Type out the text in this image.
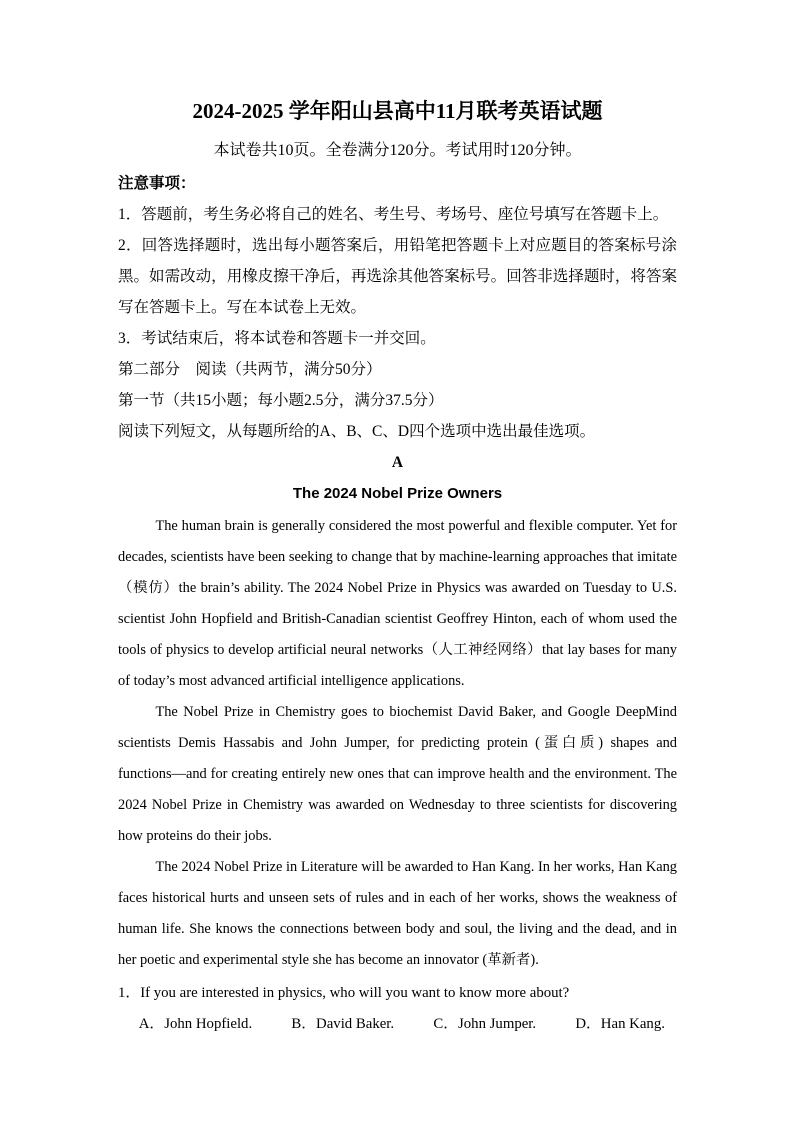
2024-2025 学年阳山县高中11月联考英语试题

本试卷共10页。全卷满分120分。考试用时120分钟。

注意事项：

1．答题前，考生务必将自己的姓名、考生号、考场号、座位号填写在答题卡上。

2．回答选择题时，选出每小题答案后，用铅笔把答题卡上对应题目的答案标号涂黑。如需改动，用橡皮擦干净后，再选涂其他答案标号。回答非选择题时，将答案写在答题卡上。写在本试卷上无效。

3．考试结束后，将本试卷和答题卡一并交回。

第二部分　阅读（共两节，满分50分）

第一节（共15小题；每小题2.5分，满分37.5分）

阅读下列短文，从每题所给的A、B、C、D四个选项中选出最佳选项。

A

The 2024 Nobel Prize Owners

The human brain is generally considered the most powerful and flexible computer. Yet for decades, scientists have been seeking to change that by machine-learning approaches that imitate（模仿）the brain’s ability. The 2024 Nobel Prize in Physics was awarded on Tuesday to U.S. scientist John Hopfield and British-Canadian scientist Geoffrey Hinton, each of whom used the tools of physics to develop artificial neural networks（人工神经网络）that lay bases for many of today’s most advanced artificial intelligence applications.

The Nobel Prize in Chemistry goes to biochemist David Baker, and Google DeepMind scientists Demis Hassabis and John Jumper, for predicting protein (蛋白质) shapes and functions—and for creating entirely new ones that can improve health and the environment. The 2024 Nobel Prize in Chemistry was awarded on Wednesday to three scientists for discovering how proteins do their jobs.

The 2024 Nobel Prize in Literature will be awarded to Han Kang. In her works, Han Kang faces historical hurts and unseen sets of rules and in each of her works, shows the weakness of human life. She knows the connections between body and soul, the living and the dead, and in her poetic and experimental style she has become an innovator (革新者).

1．If you are interested in physics, who will you want to know more about?

A．John Hopfield.	B．David Baker.	C．John Jumper.	D．Han Kang.
